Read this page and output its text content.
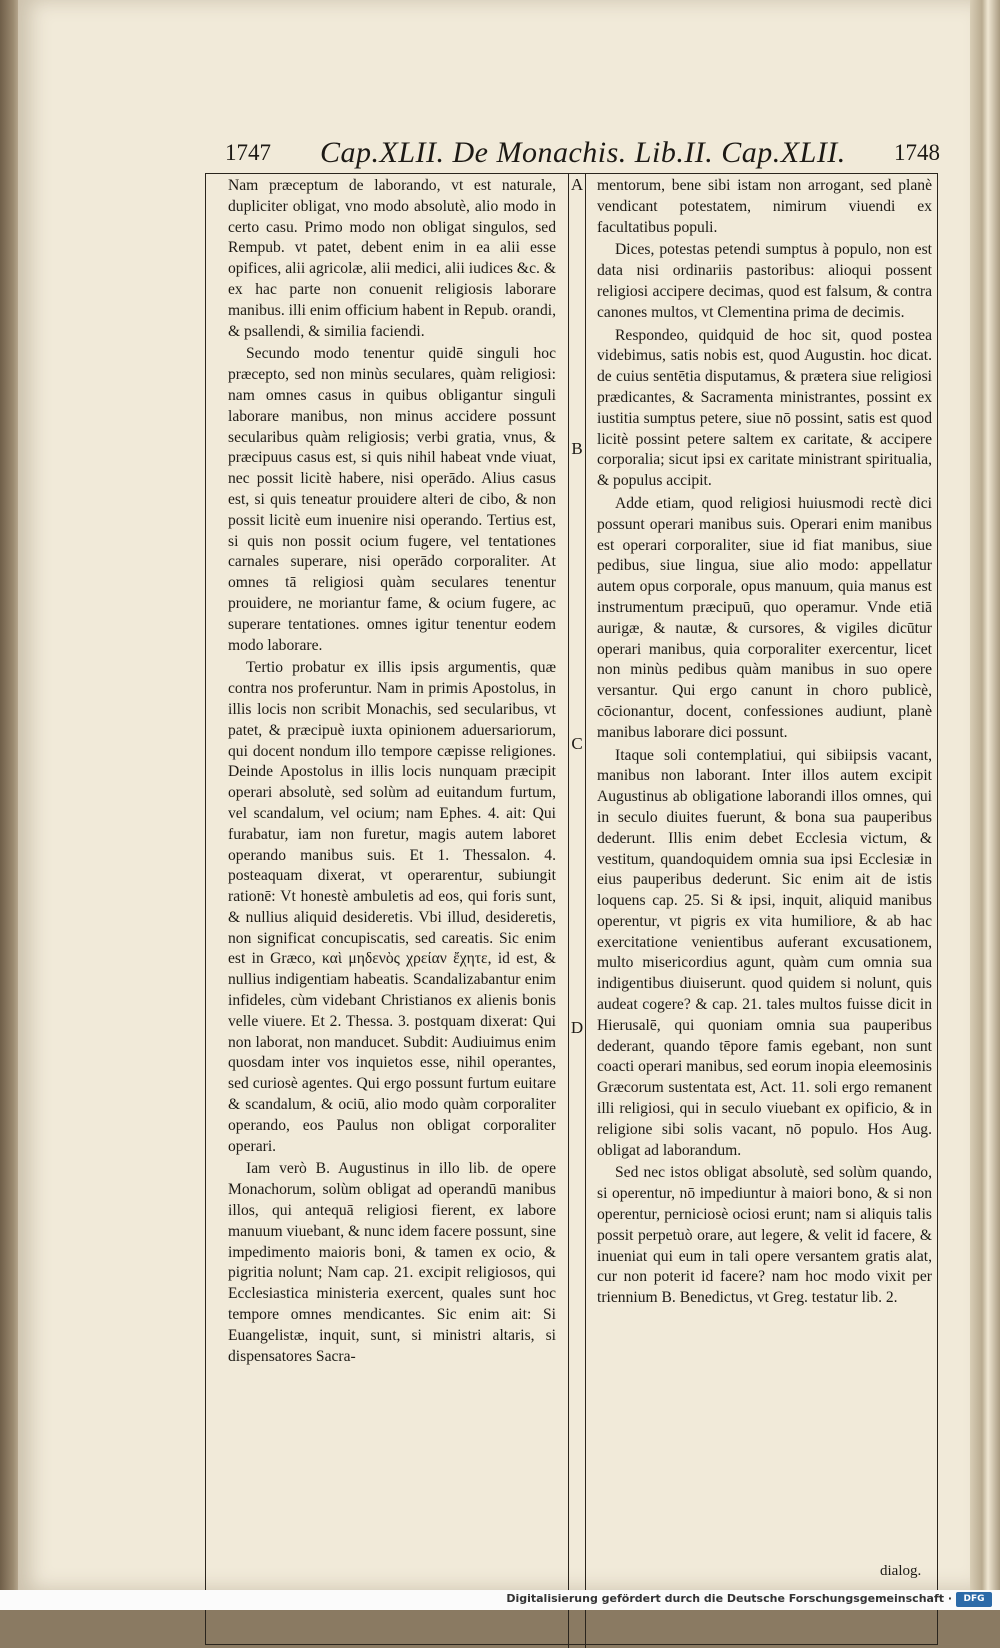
1747 Cap.XLII. De Monachis. Lib.II. Cap.XLII. 1748
A
B
C
D

Nam præceptum de laborando, vt est naturale, dupliciter obligat, vno modo absolutè, alio modo in certo casu. Primo modo non obligat singulos, sed Rempub. vt patet, debent enim in ea alii esse opifices, alii agricolæ, alii medici, alii iudices &c. & ex hac parte non conuenit religiosis laborare manibus. illi enim officium habent in Repub. orandi, & psallendi, & similia faciendi.

Secundo modo tenentur quidē singuli hoc præcepto, sed non minùs seculares, quàm religiosi: nam omnes casus in quibus obligantur singuli laborare manibus, non minus accidere possunt secularibus quàm religiosis; verbi gratia, vnus, & præcipuus casus est, si quis nihil habeat vnde viuat, nec possit licitè habere, nisi operādo. Alius casus est, si quis teneatur prouidere alteri de cibo, & non possit licitè eum inuenire nisi operando. Tertius est, si quis non possit ocium fugere, vel tentationes carnales superare, nisi operādo corporaliter. At omnes tā religiosi quàm seculares tenentur prouidere, ne moriantur fame, & ocium fugere, ac superare tentationes. omnes igitur tenentur eodem modo laborare.

Tertio probatur ex illis ipsis argumentis, quæ contra nos proferuntur. Nam in primis Apostolus, in illis locis non scribit Monachis, sed secularibus, vt patet, & præcipuè iuxta opinionem aduersariorum, qui docent nondum illo tempore cæpisse religiones. Deinde Apostolus in illis locis nunquam præcipit operari absolutè, sed solùm ad euitandum furtum, vel scandalum, vel ocium; nam Ephes. 4. ait: Qui furabatur, iam non furetur, magis autem laboret operando manibus suis. Et 1. Thessalon. 4. posteaquam dixerat, vt operarentur, subiungit rationē: Vt honestè ambuletis ad eos, qui foris sunt, & nullius aliquid desideretis. Vbi illud, desideretis, non significat concupiscatis, sed careatis. Sic enim est in Græco, καὶ μηδενὸς χρείαν ἔχητε, id est, & nullius indigentiam habeatis. Scandalizabantur enim infideles, cùm videbant Christianos ex alienis bonis velle viuere. Et 2. Thessa. 3. postquam dixerat: Qui non laborat, non manducet. Subdit: Audiuimus enim quosdam inter vos inquietos esse, nihil operantes, sed curiosè agentes. Qui ergo possunt furtum euitare & scandalum, & ociū, alio modo quàm corporaliter operando, eos Paulus non obligat corporaliter operari.

Iam verò B. Augustinus in illo lib. de opere Monachorum, solùm obligat ad operandū manibus illos, qui antequā religiosi fierent, ex labore manuum viuebant, & nunc idem facere possunt, sine impedimento maioris boni, & tamen ex ocio, & pigritia nolunt; Nam cap. 21. excipit religiosos, qui Ecclesiastica ministeria exercent, quales sunt hoc tempore omnes mendicantes. Sic enim ait: Si Euangelistæ, inquit, sunt, si ministri altaris, si dispensatores Sacra-

mentorum, bene sibi istam non arrogant, sed planè vendicant potestatem, nimirum viuendi ex facultatibus populi.

Dices, potestas petendi sumptus à populo, non est data nisi ordinariis pastoribus: alioqui possent religiosi accipere decimas, quod est falsum, & contra canones multos, vt Clementina prima de decimis.

Respondeo, quidquid de hoc sit, quod postea videbimus, satis nobis est, quod Augustin. hoc dicat. de cuius sentētia disputamus, & prætera siue religiosi prædicantes, & Sacramenta ministrantes, possint ex iustitia sumptus petere, siue nō possint, satis est quod licitè possint petere saltem ex caritate, & accipere corporalia; sicut ipsi ex caritate ministrant spiritualia, & populus accipit.

Adde etiam, quod religiosi huiusmodi rectè dici possunt operari manibus suis. Operari enim manibus est operari corporaliter, siue id fiat manibus, siue pedibus, siue lingua, siue alio modo: appellatur autem opus corporale, opus manuum, quia manus est instrumentum præcipuū, quo operamur. Vnde etiā aurigæ, & nautæ, & cursores, & vigiles dicūtur operari manibus, quia corporaliter exercentur, licet non minùs pedibus quàm manibus in suo opere versantur. Qui ergo canunt in choro publicè, cōcionantur, docent, confessiones audiunt, planè manibus laborare dici possunt.

Itaque soli contemplatiui, qui sibiipsis vacant, manibus non laborant. Inter illos autem excipit Augustinus ab obligatione laborandi illos omnes, qui in seculo diuites fuerunt, & bona sua pauperibus dederunt. Illis enim debet Ecclesia victum, & vestitum, quandoquidem omnia sua ipsi Ecclesiæ in eius pauperibus dederunt. Sic enim ait de istis loquens cap. 25. Si & ipsi, inquit, aliquid manibus operentur, vt pigris ex vita humiliore, & ab hac exercitatione venientibus auferant excusationem, multo misericordius agunt, quàm cum omnia sua indigentibus diuiserunt. quod quidem si nolunt, quis audeat cogere? & cap. 21. tales multos fuisse dicit in Hierusalē, qui quoniam omnia sua pauperibus dederant, quando tēpore famis egebant, non sunt coacti operari manibus, sed eorum inopia eleemosinis Græcorum sustentata est, Act. 11. soli ergo remanent illi religiosi, qui in seculo viuebant ex opificio, & in religione sibi solis vacant, nō populo. Hos Aug. obligat ad laborandum.

Sed nec istos obligat absolutè, sed solùm quando, si operentur, nō impediuntur à maiori bono, & si non operentur, perniciosè ociosi erunt; nam si aliquis talis possit perpetuò orare, aut legere, & velit id facere, & inueniat qui eum in tali opere versantem gratis alat, cur non poterit id facere? nam hoc modo vixit per triennium B. Benedictus, vt Greg. testatur lib. 2.

dialog.
Digitalisierung gefördert durch die Deutsche Forschungsgemeinschaft ·	DFG
